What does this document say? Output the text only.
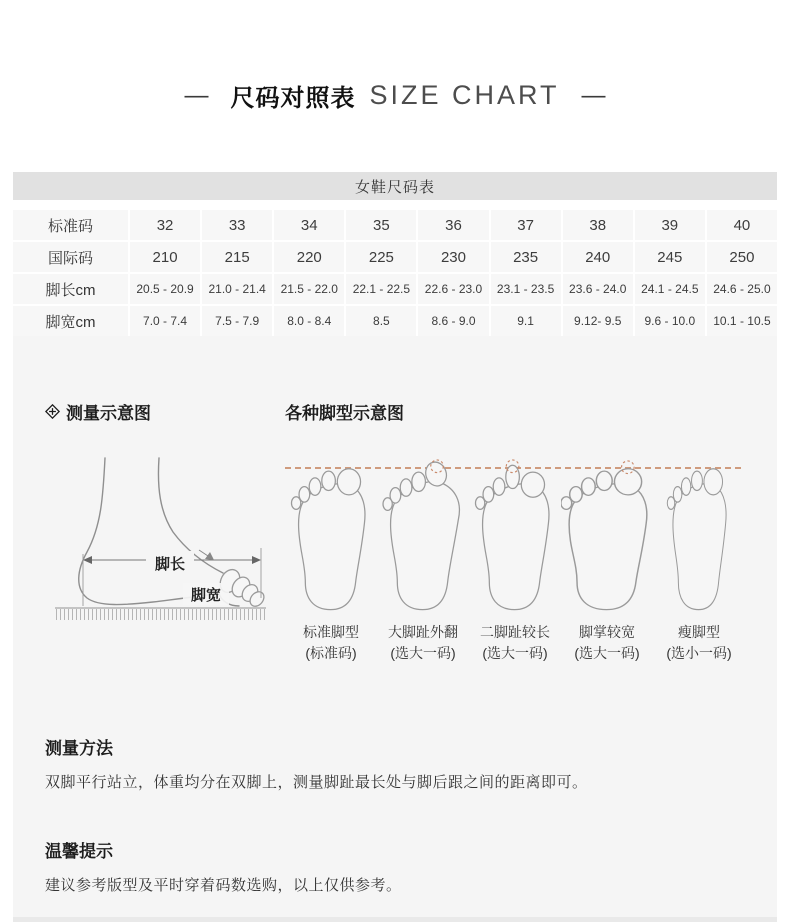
— 尺码对照表 SIZE CHART —
女鞋尺码表
标准码	32	33	34	35	36	37	38	39	40
国际码	210	215	220	225	230	235	240	245	250
脚长cm	20.5 - 20.9	21.0 - 21.4	21.5 - 22.0	22.1 - 22.5	22.6 - 23.0	23.1 - 23.5	23.6 - 24.0	24.1 - 24.5	24.6 - 25.0
脚宽cm	7.0 - 7.4	7.5 - 7.9	8.0 - 8.4	8.5	8.6 - 9.0	9.1	9.12- 9.5	9.6 - 10.0	10.1 - 10.5
测量示意图
脚长
脚宽
各种脚型示意图
标准脚型
(标准码)
大脚趾外翻
(选大一码)
二脚趾较长
(选大一码)
脚掌较宽
(选大一码)
瘦脚型
(选小一码)
测量方法
双脚平行站立，体重均分在双脚上，测量脚趾最长处与脚后跟之间的距离即可。
温馨提示
建议参考版型及平时穿着码数选购，以上仅供参考。
